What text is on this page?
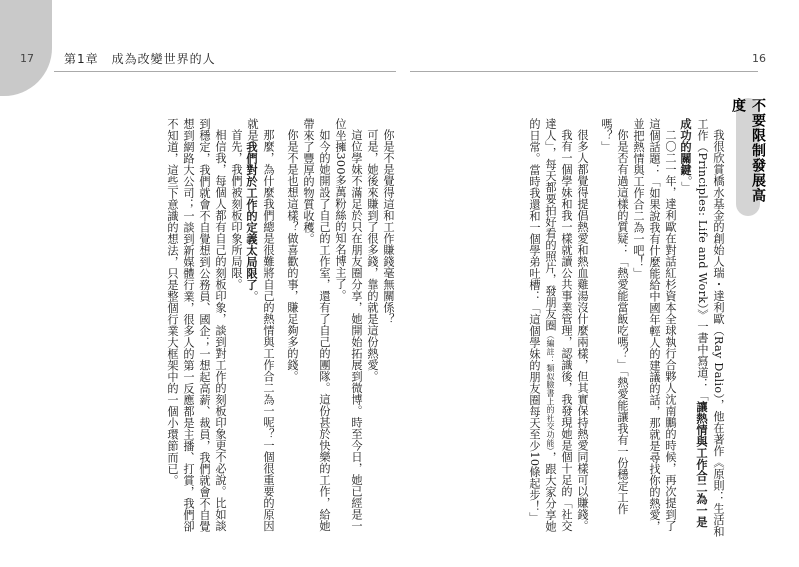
17	第1章　成為改變世界的人	16
不要限制發展高度

我很欣賞橋水基金的創始人瑞・達利歐（Ray Dalio），他在著作《原則：生活和工作（Principles: Life and Work）》一書中寫道：「讓熱情與工作合二為一是成功的關鍵。」

二〇二一年，達利歐在對話紅杉資本全球執行合夥人沈南鵬的時候，再次提到了這個話題：「如果說我有什麼能給中國年輕人的建議的話，那就是尋找你的熱愛，並把熱情與工作合二為一吧！」

你是否有過這樣的質疑：「熱愛能當飯吃嗎？」「熱愛能讓我有一份穩定工作嗎？」

很多人都覺得提倡熱愛和熱血雞湯沒什麼兩樣，但其實保持熱愛同樣可以賺錢。

我有一個學妹和我一樣就讀公共事業管理，認識後，我發現她是個十足的「社交達人」，每天都要拍好看的照片，發朋友圈（編註：類似臉書上的社交功能），跟大家分享她的日常。當時我還和一個學弟吐槽：「這個學妹的朋友圈每天至少10條起步！」

你是不是覺得這和工作賺錢毫無關係？

可是，她後來賺到了很多錢，靠的就是這份熱愛。

這位學妹不滿足於只在朋友圈分享，她開始拓展到微博。時至今日，她已經是一位坐擁300多萬粉絲的知名博主了。

如今的她開設了自己的工作室，還有了自己的團隊。這份甚於快樂的工作，給她帶來了豐厚的物質收穫。

你是不是也想這樣？做喜歡的事，賺足夠多的錢。

那麼，為什麼我們總是很難將自己的熱情與工作合二為一呢？一個很重要的原因就是我們對於工作的定義太局限了。

首先，我們被刻板印象所局限。

相信我，每個人都有自己的刻板印象，談到對工作的刻板印象更不必說。比如談到穩定，我們就會不自覺想到公務員、國企；一想起高薪、裁員，我們就會不自覺想到網路大公司；一談到新媒體行業，很多人的第一反應都是主播、打賞，我們卻不知道，這些下意識的想法，只是整個行業大框架中的一個小環節而已。
